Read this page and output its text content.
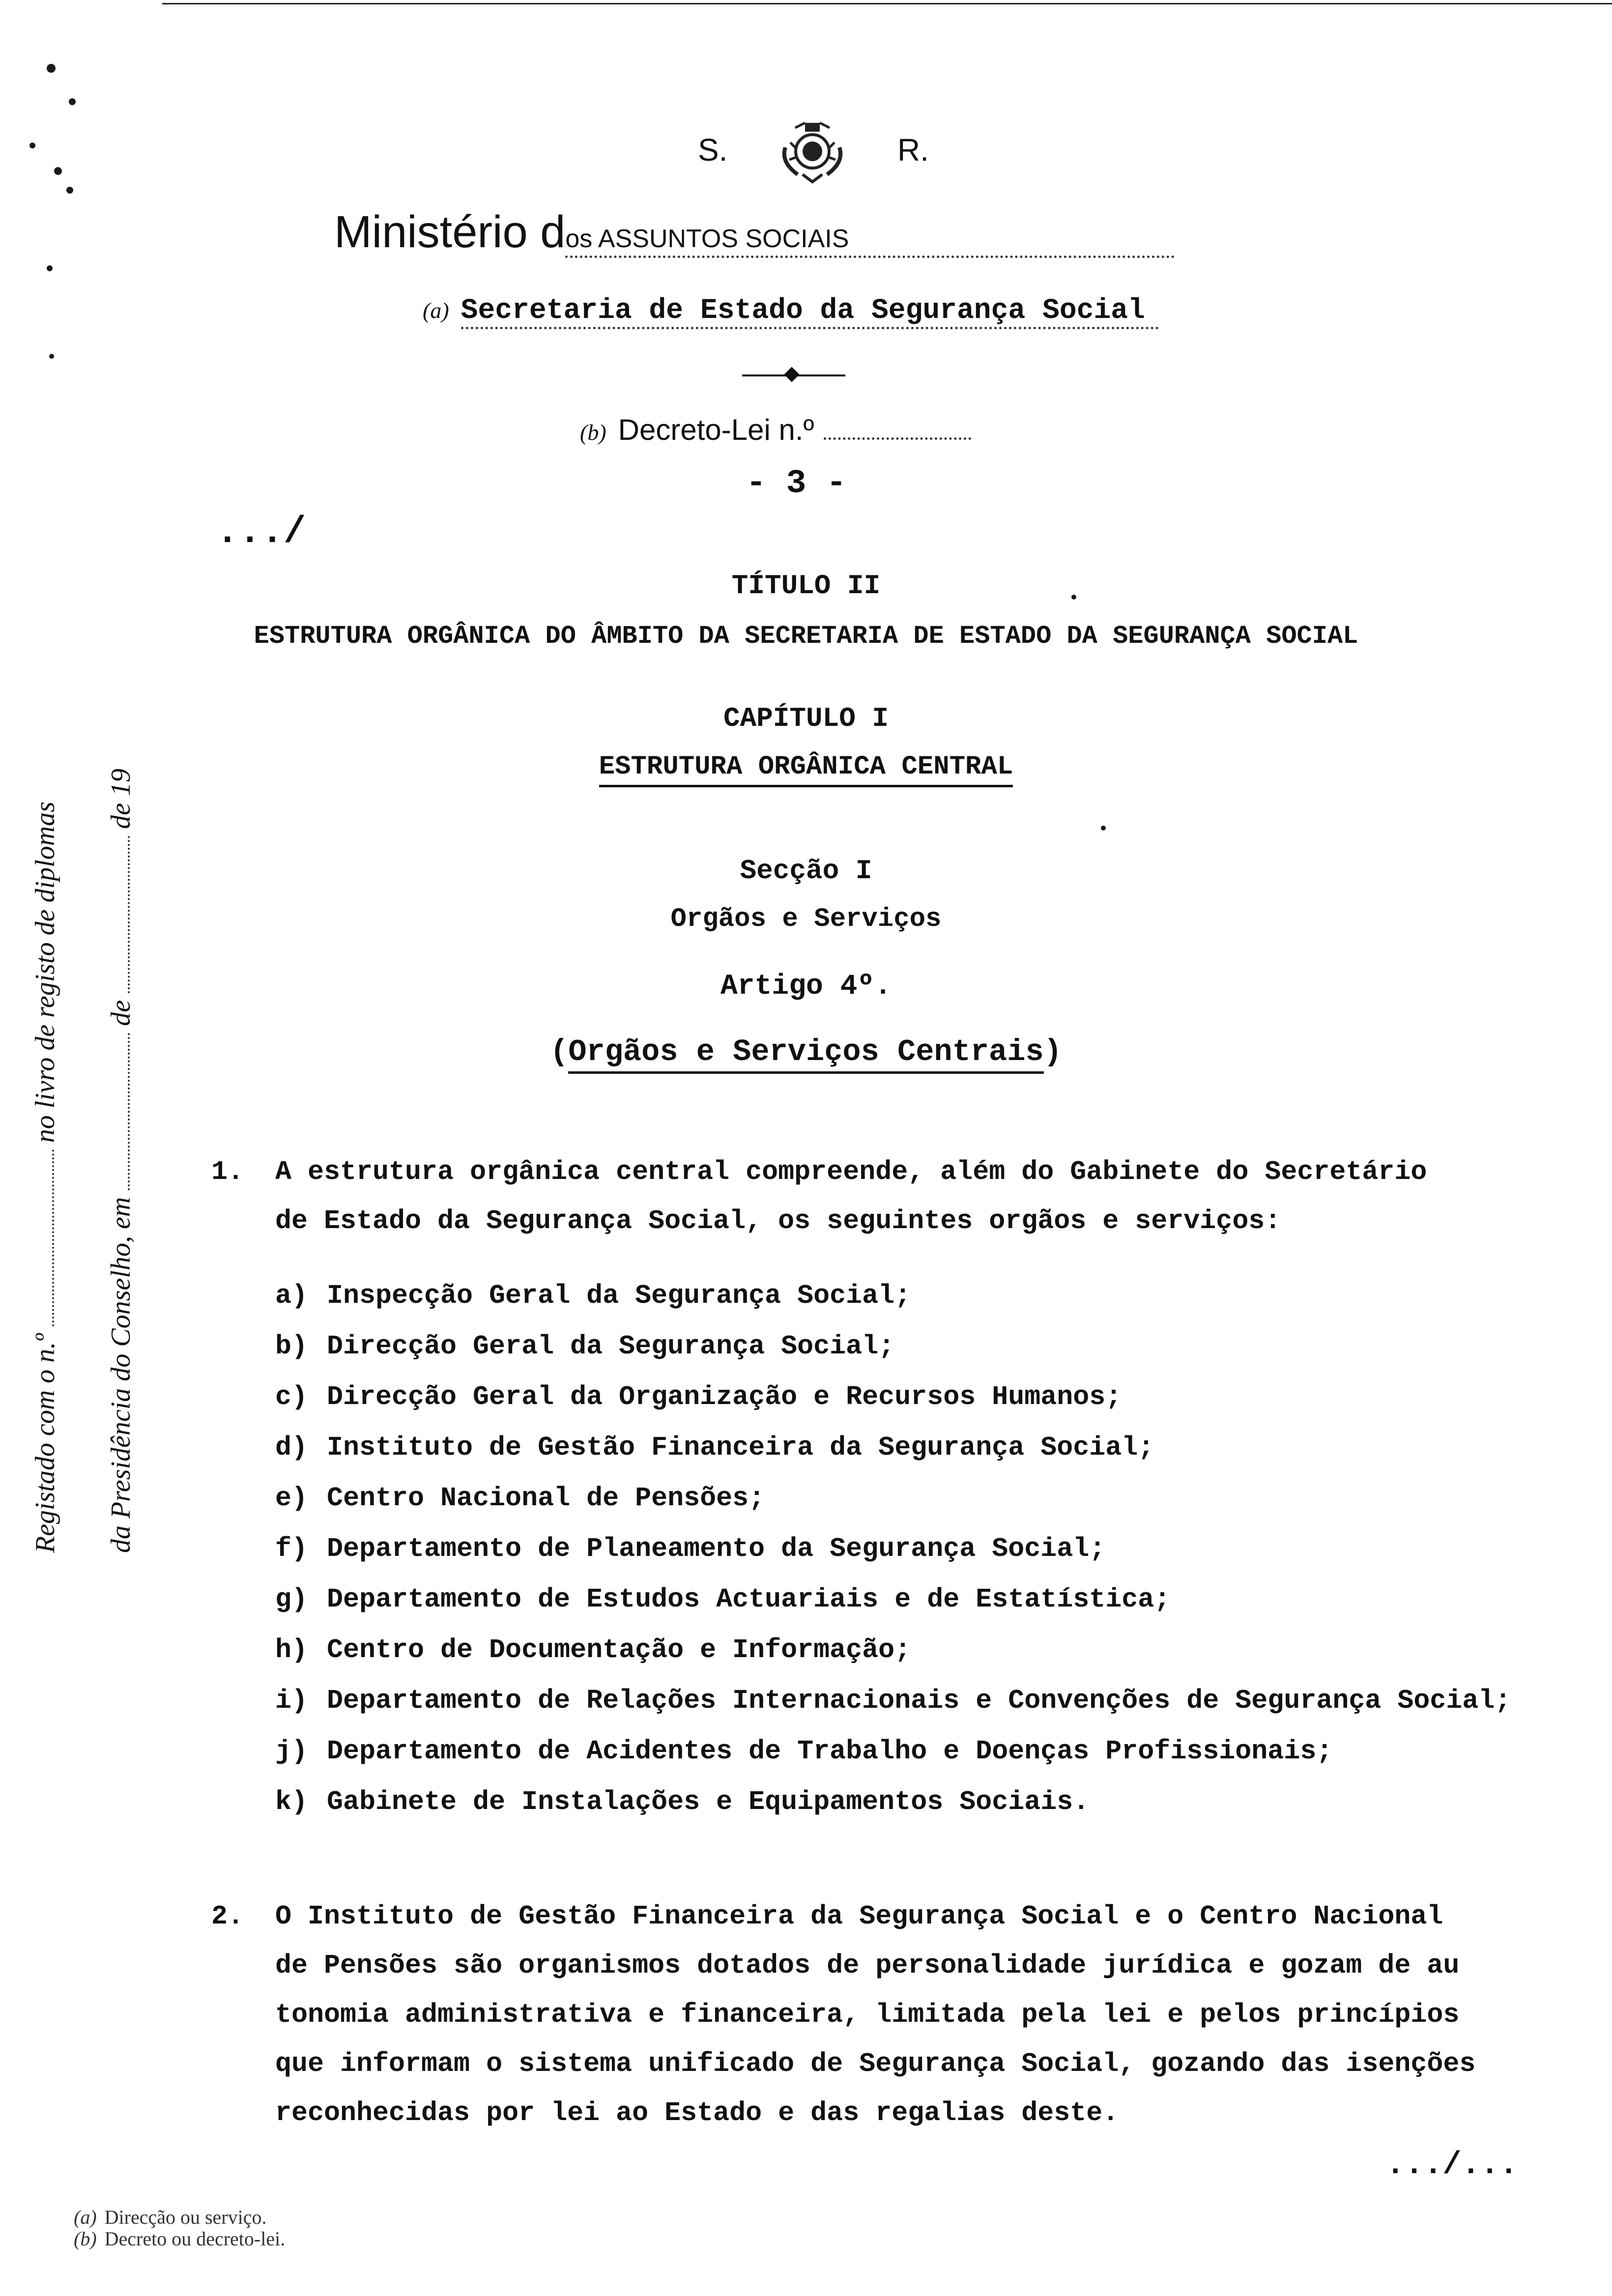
S.	R.
Ministério dos ASSUNTOS SOCIAIS
(a) Secretaria de Estado da Segurança Social
(b) Decreto-Lei n.º
- 3 -
.../
Registado com o n.º  no livro de registo de diplomas
da Presidência do Conselho, em  de  de 19
TÍTULO II
ESTRUTURA ORGÂNICA DO ÂMBITO DA SECRETARIA DE ESTADO DA SEGURANÇA SOCIAL
CAPÍTULO I
ESTRUTURA ORGÂNICA CENTRAL
Secção I
Orgãos e Serviços
Artigo 4º.
(Orgãos e Serviços Centrais)
1.	A estrutura orgânica central compreende, além do Gabinete do Secretário
de Estado da Segurança Social, os seguintes orgãos e serviços:
a) Inspecção Geral da Segurança Social;
b) Direcção Geral da Segurança Social;
c) Direcção Geral da Organização e Recursos Humanos;
d) Instituto de Gestão Financeira da Segurança Social;
e) Centro Nacional de Pensões;
f) Departamento de Planeamento da Segurança Social;
g) Departamento de Estudos Actuariais e de Estatística;
h) Centro de Documentação e Informação;
i) Departamento de Relações Internacionais e Convenções de Segurança Social;
j) Departamento de Acidentes de Trabalho e Doenças Profissionais;
k) Gabinete de Instalações e Equipamentos Sociais.
2.	O Instituto de Gestão Financeira da Segurança Social e o Centro Nacional
de Pensões são organismos dotados de personalidade jurídica e gozam de au
tonomia administrativa e financeira, limitada pela lei e pelos princípios
que informam o sistema unificado de Segurança Social, gozando das isenções
reconhecidas por lei ao Estado e das regalias deste.
.../...
(a) Direcção ou serviço.
(b) Decreto ou decreto-lei.
